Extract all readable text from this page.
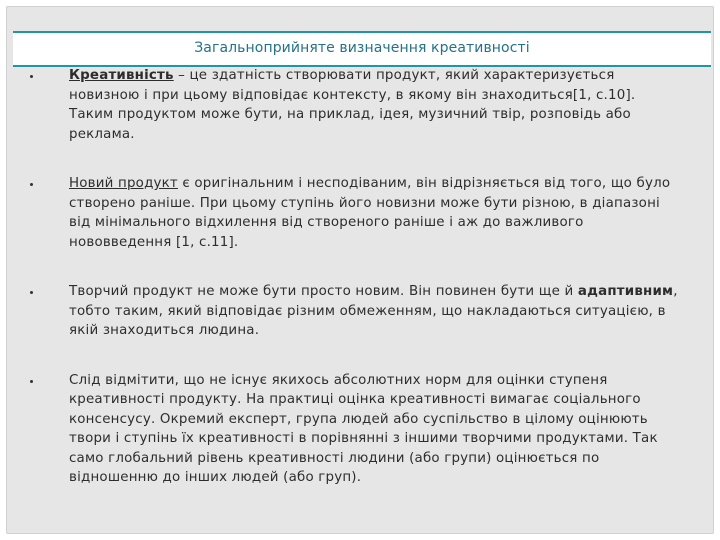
Загальноприйняте визначення креативності
Креативність – це здатність створювати продукт, який характеризується новизною і при цьому відповідає контексту, в якому він знаходиться[1, с.10]. Таким продуктом може бути, на приклад, ідея, музичний твір, розповідь або реклама.
Новий продукт є оригінальним і несподіваним, він відрізняється від того, що було створено раніше. При цьому ступінь його новизни може бути різною, в діапазоні від мінімального відхилення від створеного раніше і аж до важливого нововведення [1, с.11].
Творчий продукт не може бути просто новим. Він повинен бути ще й адаптивним, тобто таким, який відповідає різним обмеженням, що накладаються ситуацією, в якій знаходиться людина.
Слід відмітити, що не існує якихось абсолютних норм для оцінки ступеня креативності продукту. На практиці оцінка креативності вимагає соціального консенсусу. Окремий експерт, група людей або суспільство в цілому оцінюють твори і ступінь їх креативності в порівнянні з іншими творчими продуктами. Так само глобальний рівень креативності людини (або групи) оцінюється по відношенню до інших людей (або груп).
